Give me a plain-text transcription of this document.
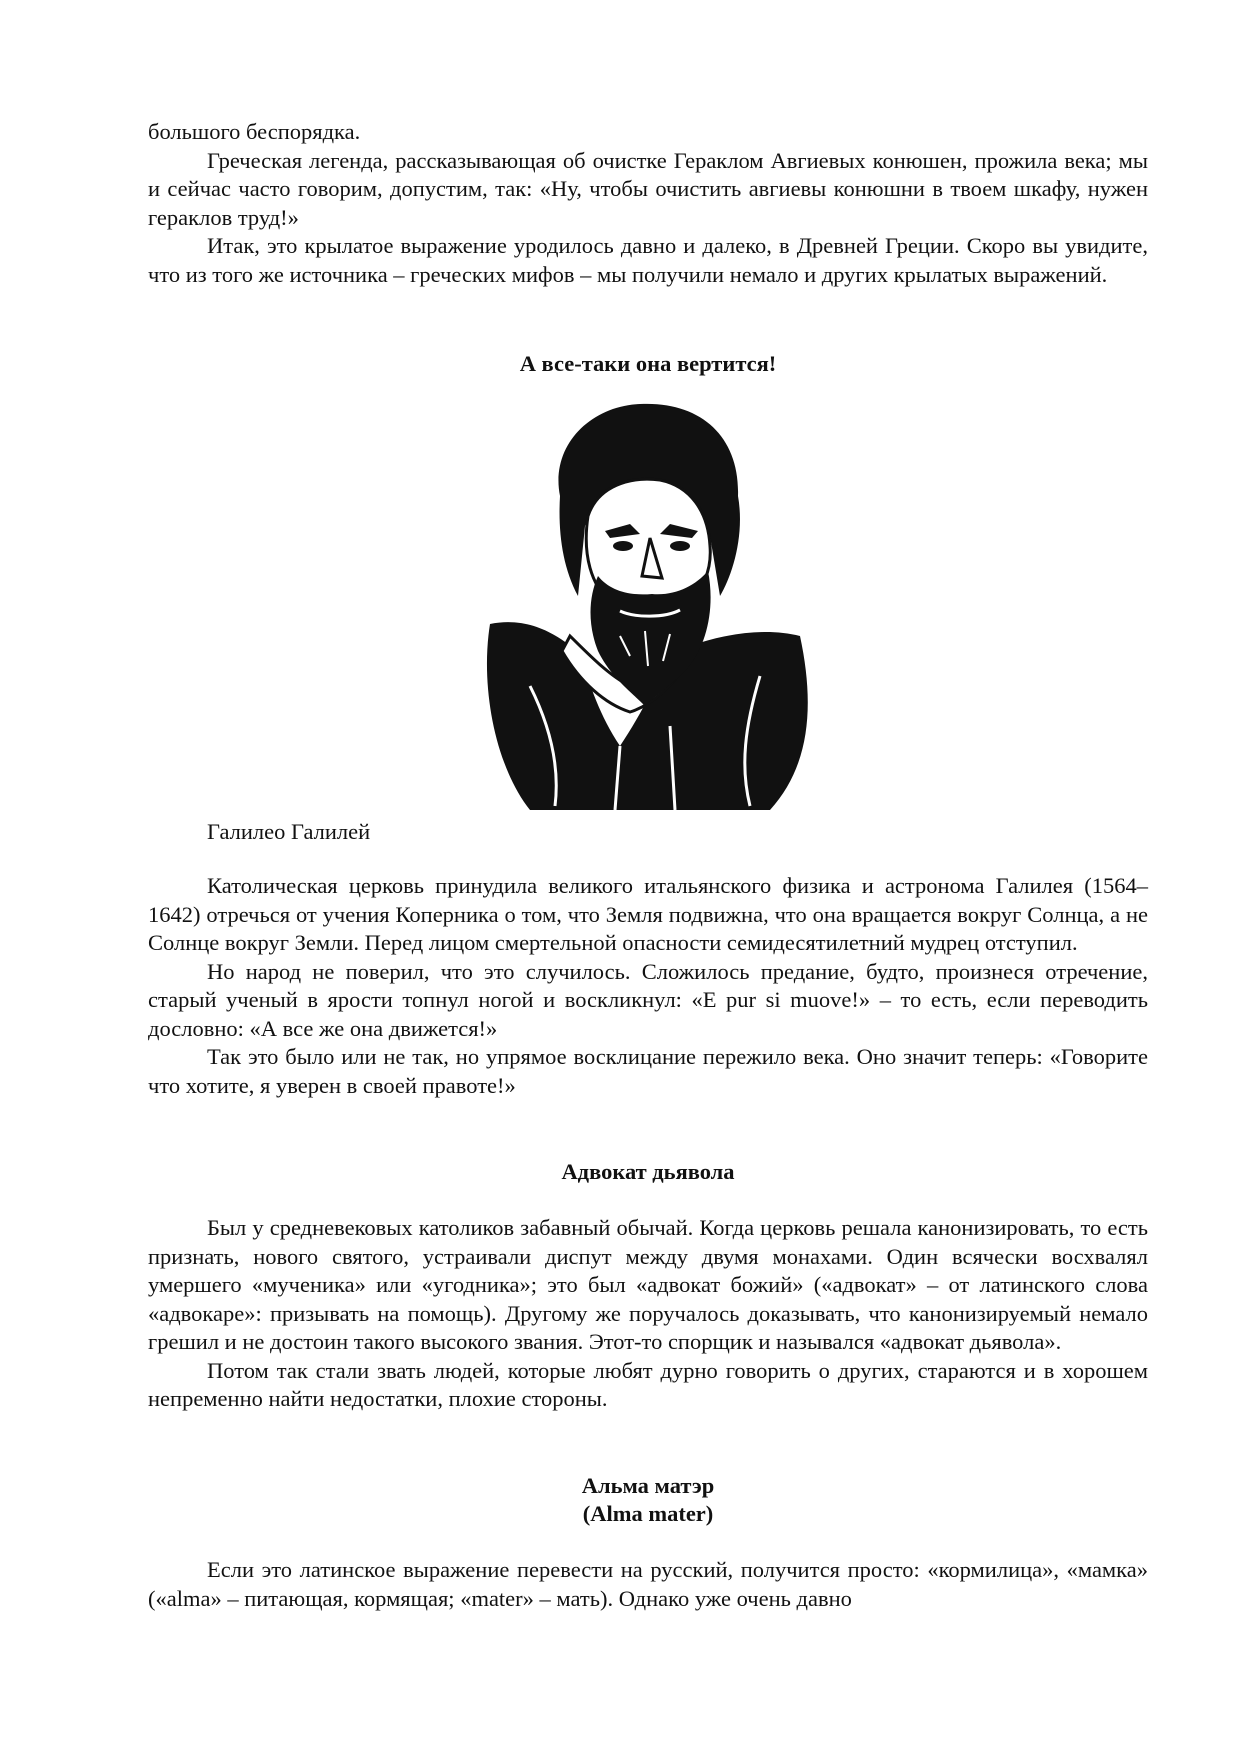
большого беспорядка.

Греческая легенда, рассказывающая об очистке Гераклом Авгиевых конюшен, прожила века; мы и сейчас часто говорим, допустим, так: «Ну, чтобы очистить авгиевы конюшни в твоем шкафу, нужен гераклов труд!»

Итак, это крылатое выражение уродилось давно и далеко, в Древней Греции. Скоро вы увидите, что из того же источника – греческих мифов – мы получили немало и других крылатых выражений.

А все-таки она вертится!
Галилео Галилей

Католическая церковь принудила великого итальянского физика и астронома Галилея (1564–1642) отречься от учения Коперника о том, что Земля подвижна, что она вращается вокруг Солнца, а не Солнце вокруг Земли. Перед лицом смертельной опасности семидесятилетний мудрец отступил.

Но народ не поверил, что это случилось. Сложилось предание, будто, произнеся отречение, старый ученый в ярости топнул ногой и воскликнул: «E pur si muove!» – то есть, если переводить дословно: «А все же она движется!»

Так это было или не так, но упрямое восклицание пережило века. Оно значит теперь: «Говорите что хотите, я уверен в своей правоте!»

Адвокат дьявола

Был у средневековых католиков забавный обычай. Когда церковь решала канонизировать, то есть признать, нового святого, устраивали диспут между двумя монахами. Один всячески восхвалял умершего «мученика» или «угодника»; это был «адвокат божий» («адвокат» – от латинского слова «адвокаре»: призывать на помощь). Другому же поручалось доказывать, что канонизируемый немало грешил и не достоин такого высокого звания. Этот-то спорщик и назывался «адвокат дьявола».

Потом так стали звать людей, которые любят дурно говорить о других, стараются и в хорошем непременно найти недостатки, плохие стороны.

Альма матэр
(Alma mater)

Если это латинское выражение перевести на русский, получится просто: «кормилица», «мамка» («alma» – питающая, кормящая; «mater» – мать). Однако уже очень давно
